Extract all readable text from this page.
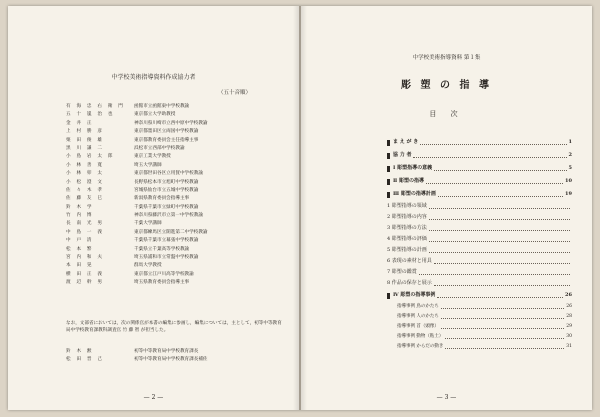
中学校美術指導資料作成協力者
（五十音順）
有 海 忠 右 衛 門	函館市立函館東中学校教諭
五 十 嵐 治 也	東京都立大学助教授
金 井 正	神奈川県川崎市立西中原中学校教諭
上 村 勝 彦	東京都墨田区立両国中学校教諭
栗 田 俊 雄	東京都教育委員会主任指導主事
黒 川 謙 二	浜松市立西部中学校教諭
小 島 岩 太 郎	東京工業大学教授
小 林 善 寛	埼玉大学講師
小 林 卯 太	東京都世田谷区立用賀中学校教諭
小 松 澄 文	長野県松本市立旭町中学校教諭
佐 々 木 孝	宮城県仙台市立五城中学校教諭
佐 藤 友 巳	新潟県教育委員会指導主事
鈴 木 学	千葉県千葉市立緑町中学校教諭
竹 内 博	神奈川県藤沢市立第一中学校教諭
長 南 光 男	千葉大学講師
中 島 一 義	東京都練馬区立開進第二中学校教諭
中 戸 清	千葉県千葉市立幕張中学校教諭
松 本 繁	千葉県立千葉高等学校教諭
宮 内 和 夫	埼玉県浦和市立常盤中学校教諭
本 田 晃	群馬大学教授
横 田 正 義	東京都立江戸川高等学校教諭
渡 辺 幹 男	埼玉県教育委員会指導主事
なお，文部省においては，次の関係官が本書の編集に参画し，編集については，主として，初等中等教育局中学校教育課教科調査官 竹 藤 智 が担当した。
鈴 木 勲	初等中等教育局中学校教育課長
松 田 晋 己	初等中等教育局中学校教育課長補佐
— 2 —
中学校美術指導資料 第１集
彫 塑 の 指 導
目 次
ま え が き	1
協 力 者	2
Ⅰ 彫塑指導の意義	5
Ⅱ 彫塑の指導	10
Ⅲ 彫塑の指導計画	19
1 彫塑指導の領域
2 彫塑指導の内容
3 彫塑指導の方法
4 彫塑指導の評価
5 彫塑指導の計画
6 表現の素材と用具
7 彫塑の鑑賞
8 作品の保存と展示
Ⅳ 彫塑の指導事例	26
指導事例 鳥のかたち	26
指導事例 人のかたち	28
指導事例 首（頭像）	29
指導事例 動物（粘土）	30
指導事例 からだの動き	31
— 3 —
